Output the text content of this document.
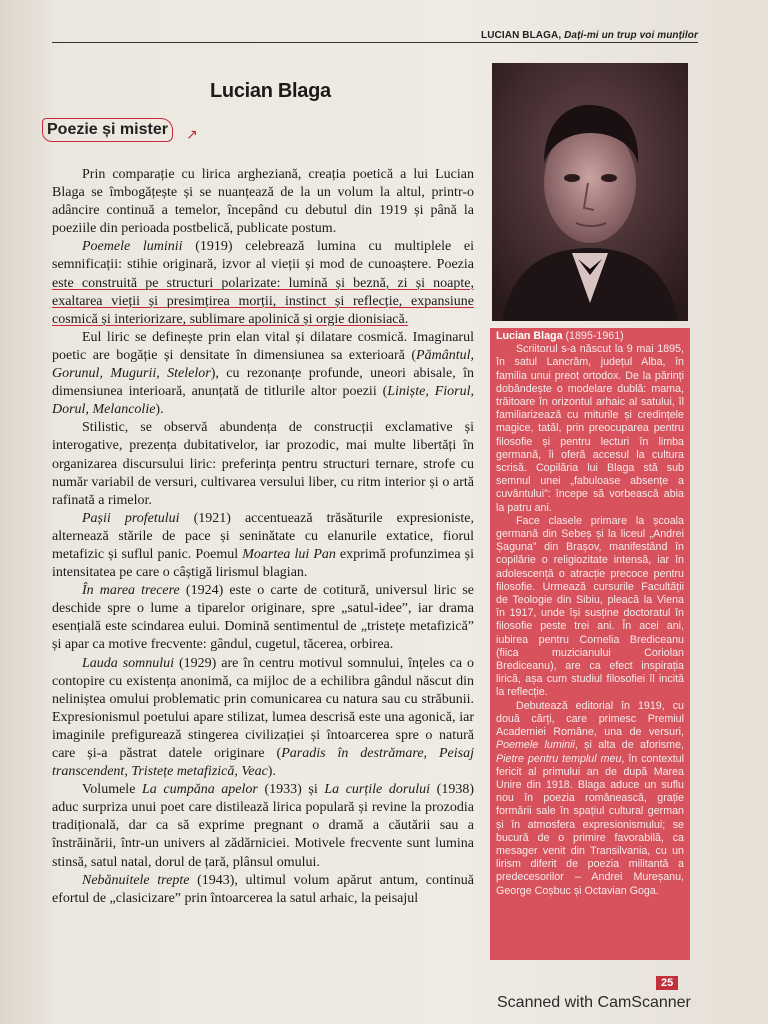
LUCIAN BLAGA, Dați-mi un trup voi munților
Lucian Blaga
Poezie și mister	↗

Prin comparație cu lirica argheziană, creația poetică a lui Lucian Blaga se îmbogățește și se nuanțează de la un volum la altul, printr-o adâncire continuă a temelor, începând cu debutul din 1919 și până la poeziile din perioada postbelică, publicate postum.

Poemele luminii (1919) celebrează lumina cu multiplele ei semnificații: stihie originară, izvor al vieții și mod de cunoaștere. Poezia este construită pe structuri polarizate: lumină și beznă, zi și noapte, exaltarea vieții și presimțirea morții, instinct și reflecție, expansiune cosmică și interiorizare, sublimare apolinică și orgie dionisiacă.

Eul liric se definește prin elan vital și dilatare cosmică. Imaginarul poetic are bogăție și densitate în dimensiunea sa exterioară (Pământul, Gorunul, Mugurii, Stelelor), cu rezonanțe profunde, uneori abisale, în dimensiunea interioară, anunțată de titlurile altor poezii (Liniște, Fiorul, Dorul, Melancolie).

Stilistic, se observă abundența de construcții exclamative și interogative, prezența dubitativelor, iar prozodic, mai multe libertăți în organizarea discursului liric: preferința pentru structuri ternare, strofe cu număr variabil de versuri, cultivarea versului liber, cu ritm interior și o artă rafinată a rimelor.

Pașii profetului (1921) accentuează trăsăturile expresioniste, alternează stările de pace și seninătate cu elanurile extatice, fiorul metafizic și suflul panic. Poemul Moartea lui Pan exprimă profunzimea și intensitatea pe care o câștigă lirismul blagian.

În marea trecere (1924) este o carte de cotitură, universul liric se deschide spre o lume a tiparelor originare, spre „satul-idee”, iar drama esențială este scindarea eului. Domină sentimentul de „tristețe metafizică” și apar ca motive frecvente: gândul, cugetul, tăcerea, orbirea.

Lauda somnului (1929) are în centru motivul somnului, înțeles ca o contopire cu existența anonimă, ca mijloc de a echilibra gândul născut din neliniștea omului problematic prin comunicarea cu natura sau cu străbunii. Expresionismul poetului apare stilizat, lumea descrisă este una agonică, iar imaginile prefigurează stingerea civilizației și întoarcerea spre o natură care și-a păstrat datele originare (Paradis în destrămare, Peisaj transcendent, Tristețe metafizică, Veac).

Volumele La cumpăna apelor (1933) și La curțile dorului (1938) aduc surpriza unui poet care distilează lirica populară și revine la prozodia tradițională, dar ca să exprime pregnant o dramă a căutării sau a înstrăinării, într-un univers al zădărniciei. Motivele frecvente sunt lumina stinsă, satul natal, dorul de țară, plânsul omului.

Nebănuitele trepte (1943), ultimul volum apărut antum, continuă efortul de „clasicizare” prin întoarcerea la satul arhaic, la peisajul

Lucian Blaga (1895-1961)

Scriitorul s-a născut la 9 mai 1895, în satul Lancrăm, județul Alba, în familia unui preot ortodox. De la părinți dobândește o modelare dublă: mama, trăitoare în orizontul arhaic al satului, îl familiarizează cu miturile și credințele magice, tatăl, prin preocuparea pentru filosofie și pentru lecturi în limba germană, îi oferă accesul la cultura scrisă. Copilăria lui Blaga stă sub semnul unei „fabuloase absențe a cuvântului”: începe să vorbească abia la patru ani.

Face clasele primare la școala germană din Sebeș și la liceul „Andrei Șaguna” din Brașov, manifestând în copilărie o religiozitate intensă, iar în adolescență o atracție precoce pentru filosofie. Urmează cursurile Facultății de Teologie din Sibiu, pleacă la Viena în 1917, unde își susține doctoratul în filosofie peste trei ani. În acei ani, iubirea pentru Cornelia Brediceanu (fiica muzicianului Coriolan Brediceanu), are ca efect inspirația lirică, așa cum studiul filosofiei îl incită la reflecție.

Debutează editorial în 1919, cu două cărți, care primesc Premiul Academiei Române, una de versuri, Poemele luminii, și alta de aforisme, Pietre pentru templul meu, în contextul fericit al primului an de după Marea Unire din 1918. Blaga aduce un suflu nou în poezia românească, grație formării sale în spațiul cultural german și în atmosfera expresionismului; se bucură de o primire favorabilă, ca mesager venit din Transilvania, cu un lirism diferit de poezia militantă a predecesorilor – Andrei Mureșanu, George Coșbuc și Octavian Goga.

25
Scanned with CamScanner
